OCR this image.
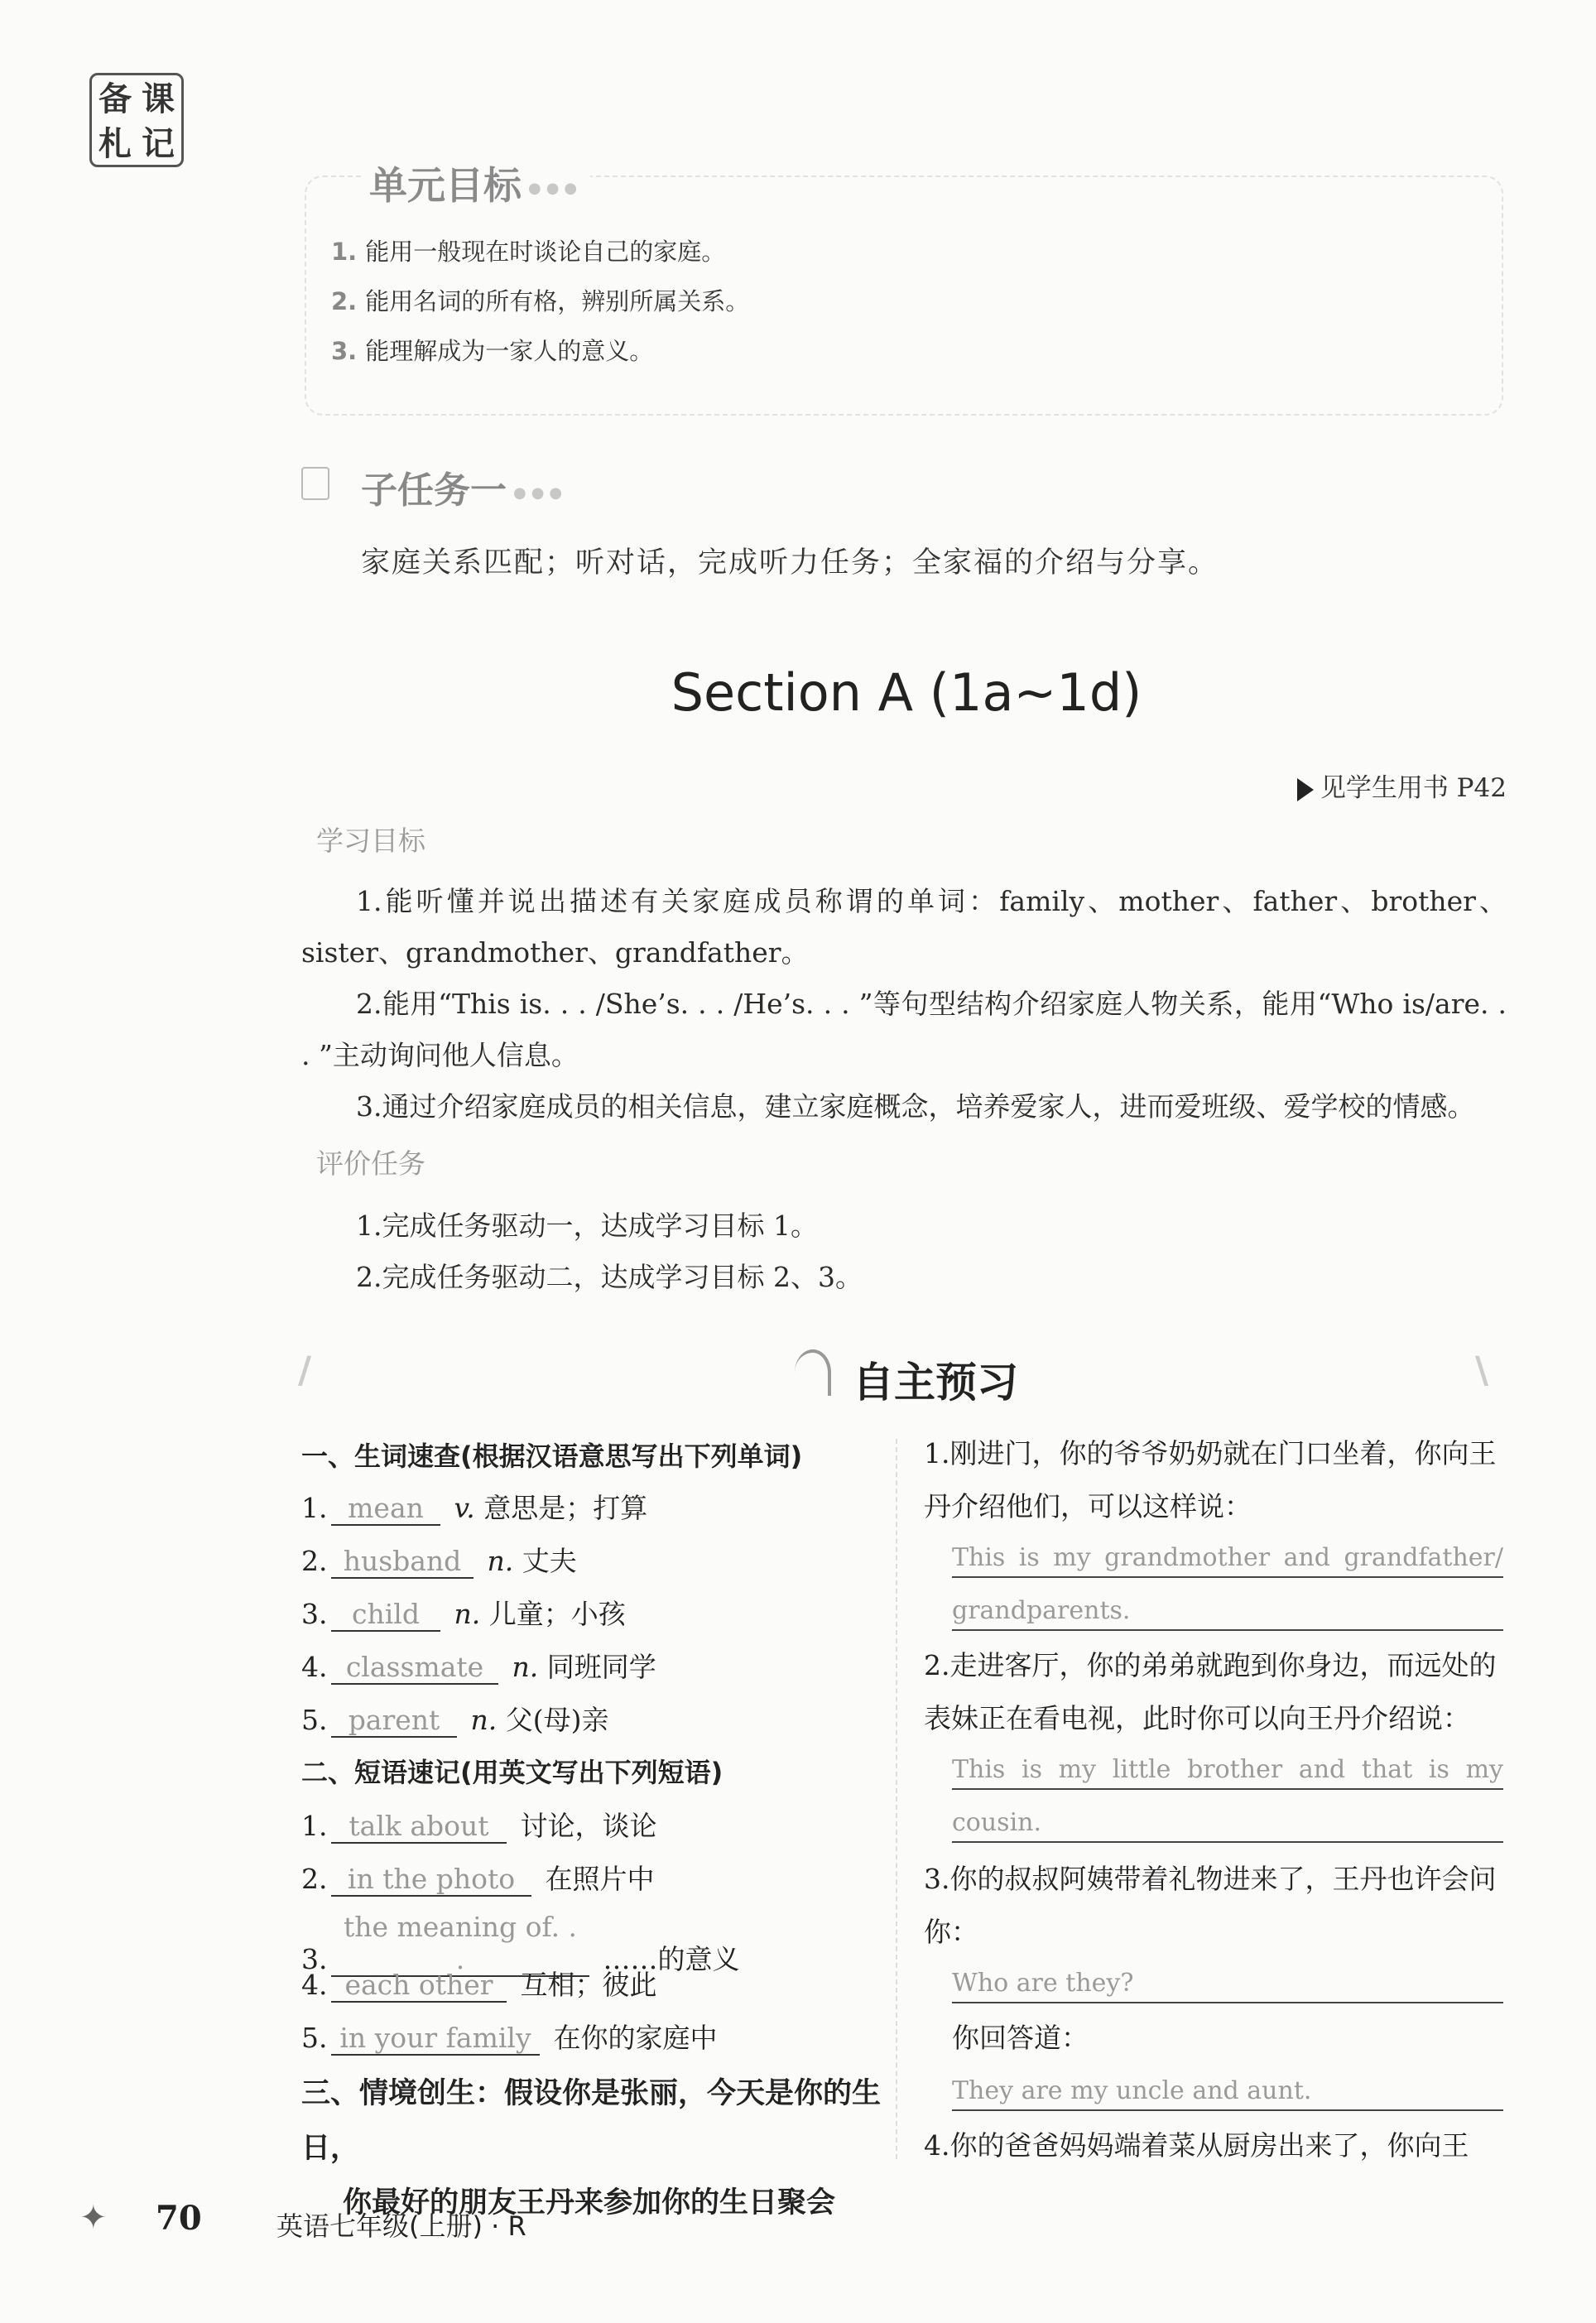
备 课
札 记
单元目标 ●●●
1. 能用一般现在时谈论自己的家庭。
2. 能用名词的所有格，辨别所属关系。
3. 能理解成为一家人的意义。
子任务一 ●●●
家庭关系匹配；听对话，完成听力任务；全家福的介绍与分享。
Section A (1a~1d)
见学生用书 P42
学习目标
1.能听懂并说出描述有关家庭成员称谓的单词：family、mother、father、brother、sister、grandmother、grandfather。
2.能用“This is. . . /She’s. . . /He’s. . . ”等句型结构介绍家庭人物关系，能用“Who is/are. . . ”主动询问他人信息。
3.通过介绍家庭成员的相关信息，建立家庭概念，培养爱家人，进而爱班级、爱学校的情感。
评价任务
1.完成任务驱动一，达成学习目标 1。
2.完成任务驱动二，达成学习目标 2、3。
/	自主预习	\
一、生词速查(根据汉语意思写出下列单词)
1. mean v. 意思是；打算
2. husband n. 丈夫
3. child n. 儿童；小孩
4. classmate n. 同班同学
5. parent n. 父(母)亲
二、短语速记(用英文写出下列短语)
1. talk about 讨论，谈论
2. in the photo 在照片中
3.the meaning of. . .	……的意义
4. each other 互相；彼此
5. in your family 在你的家庭中
三、情境创生：假设你是张丽，今天是你的生日，
你最好的朋友王丹来参加你的生日聚会
1.刚进门，你的爷爷奶奶就在门口坐着，你向王丹介绍他们，可以这样说：
This is my grandmother and grandfather/
grandparents.
2.走进客厅，你的弟弟就跑到你身边，而远处的表妹正在看电视，此时你可以向王丹介绍说：
This is my little brother and that is my
cousin.
3.你的叔叔阿姨带着礼物进来了，王丹也许会问你：
Who are they?
你回答道：
They are my uncle and aunt.
4.你的爸爸妈妈端着菜从厨房出来了，你向王
✦ 70	英语七年级(上册) · R
